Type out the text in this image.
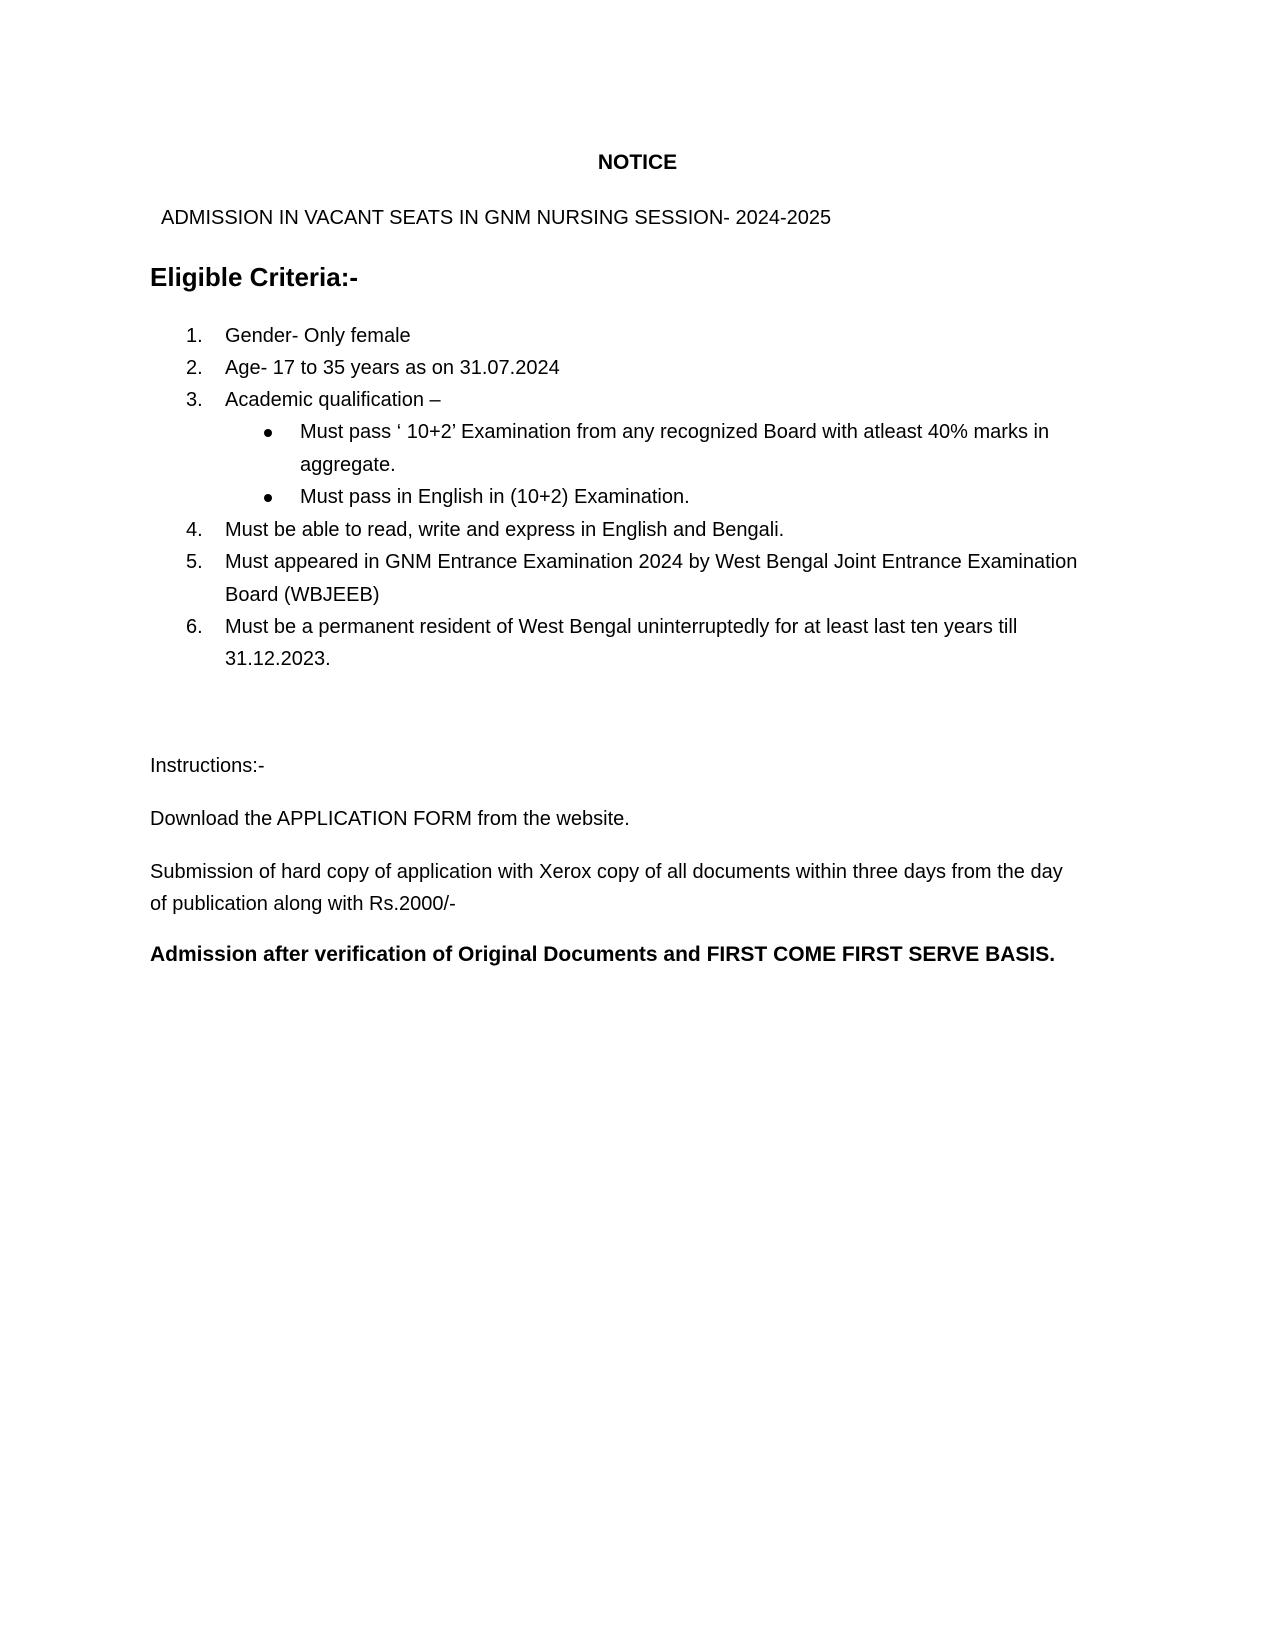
NOTICE
ADMISSION IN VACANT SEATS IN GNM NURSING SESSION- 2024-2025
Eligible Criteria:-
1. Gender- Only female
2. Age- 17 to 35 years as on 31.07.2024
3. Academic qualification –
Must pass ‘ 10+2’ Examination from any recognized Board with atleast 40% marks in
aggregate.
Must pass in English in (10+2) Examination.
4. Must be able to read, write and express in English and Bengali.
5. Must appeared in GNM Entrance Examination 2024 by West Bengal Joint Entrance Examination
Board (WBJEEB)
6. Must be a permanent resident of West Bengal uninterruptedly for at least last ten years till
31.12.2023.
Instructions:-
Download the APPLICATION FORM from the website.
Submission of hard copy of application with Xerox copy of all documents within three days from the day
of publication along with Rs.2000/-
Admission after verification of Original Documents and FIRST COME FIRST SERVE BASIS.
